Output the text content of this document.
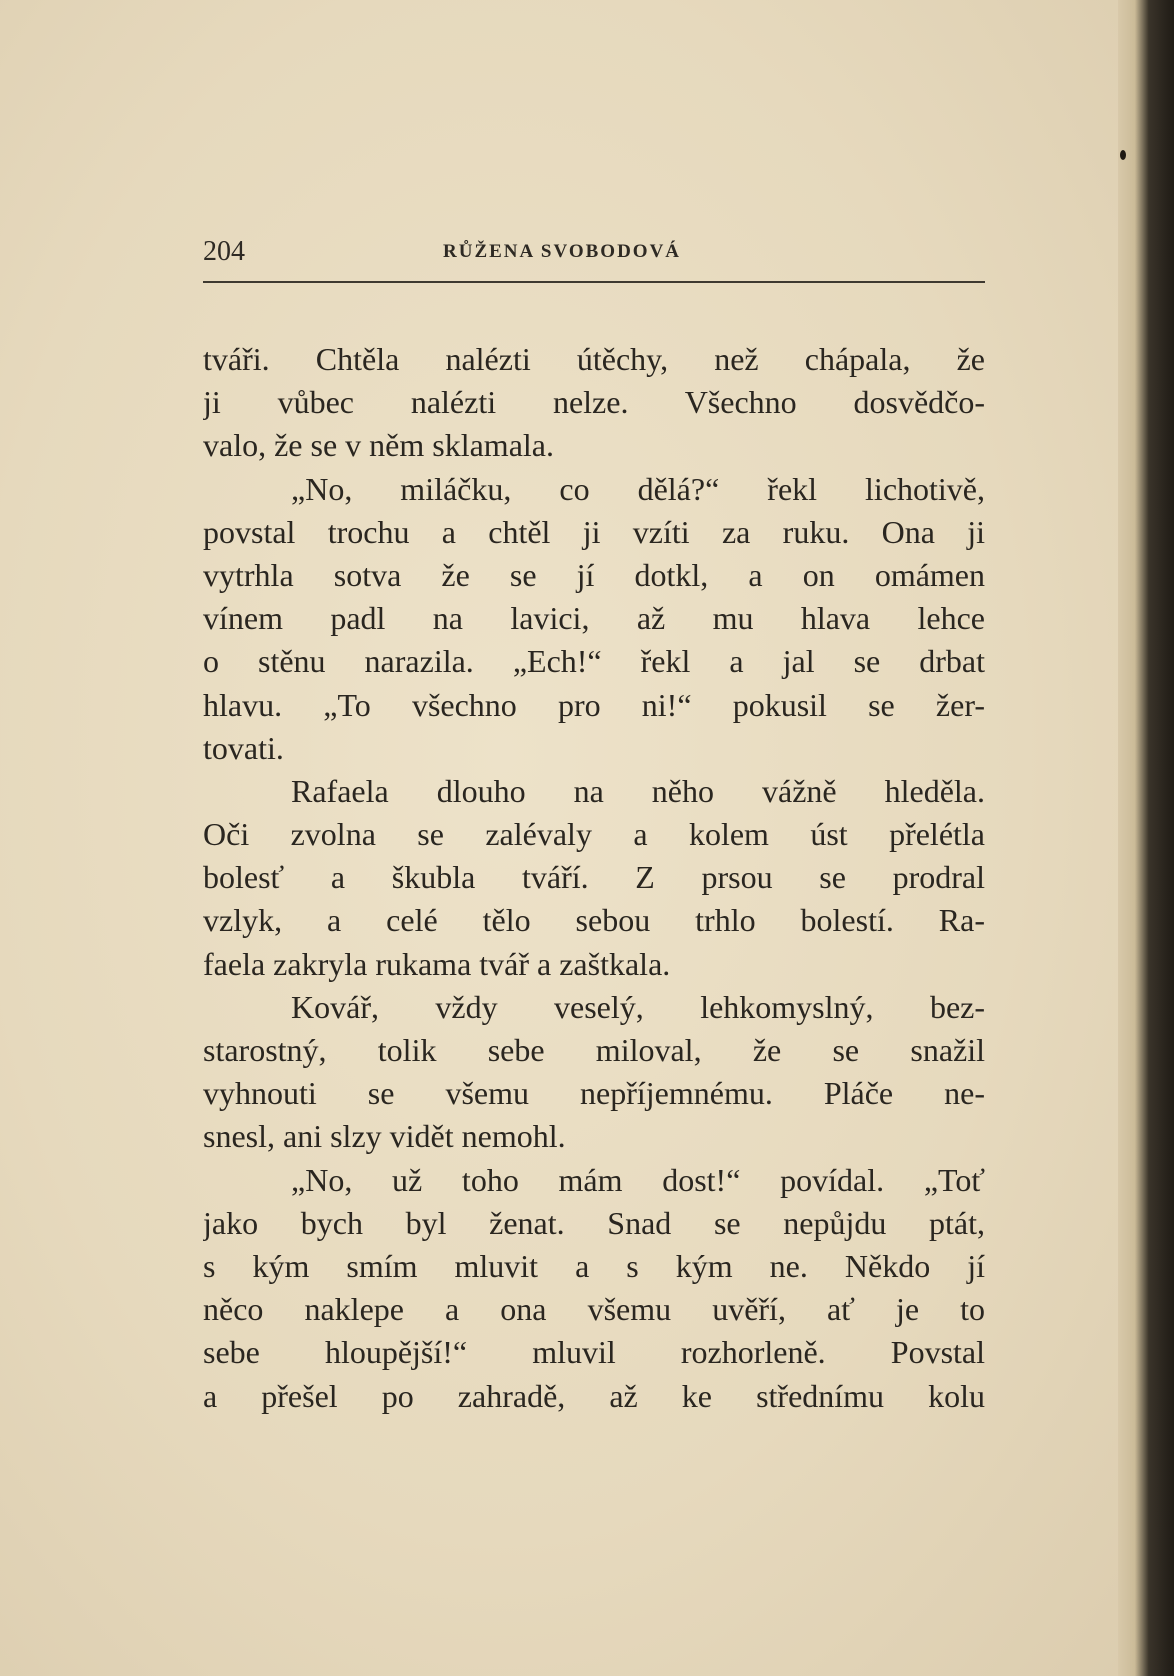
204	RŮŽENA SVOBODOVÁ
tváři. Chtěla nalézti útěchy, než chápala, že
ji vůbec nalézti nelze. Všechno dosvědčo-
valo, že se v něm sklamala.
„No, miláčku, co dělá?“ řekl lichotivě,
povstal trochu a chtěl ji vzíti za ruku. Ona ji
vytrhla sotva že se jí dotkl, a on omámen
vínem padl na lavici, až mu hlava lehce
o stěnu narazila. „Ech!“ řekl a jal se drbat
hlavu. „To všechno pro ni!“ pokusil se žer-
tovati.
Rafaela dlouho na něho vážně hleděla.
Oči zvolna se zalévaly a kolem úst přelétla
bolesť a škubla tváří. Z prsou se prodral
vzlyk, a celé tělo sebou trhlo bolestí. Ra-
faela zakryla rukama tvář a zaštkala.
Kovář, vždy veselý, lehkomyslný, bez-
starostný, tolik sebe miloval, že se snažil
vyhnouti se všemu nepříjemnému. Pláče ne-
snesl, ani slzy vidět nemohl.
„No, už toho mám dost!“ povídal. „Toť
jako bych byl ženat. Snad se nepůjdu ptát,
s kým smím mluvit a s kým ne. Někdo jí
něco naklepe a ona všemu uvěří, ať je to
sebe hloupější!“ mluvil rozhorleně. Povstal
a přešel po zahradě, až ke střednímu kolu
